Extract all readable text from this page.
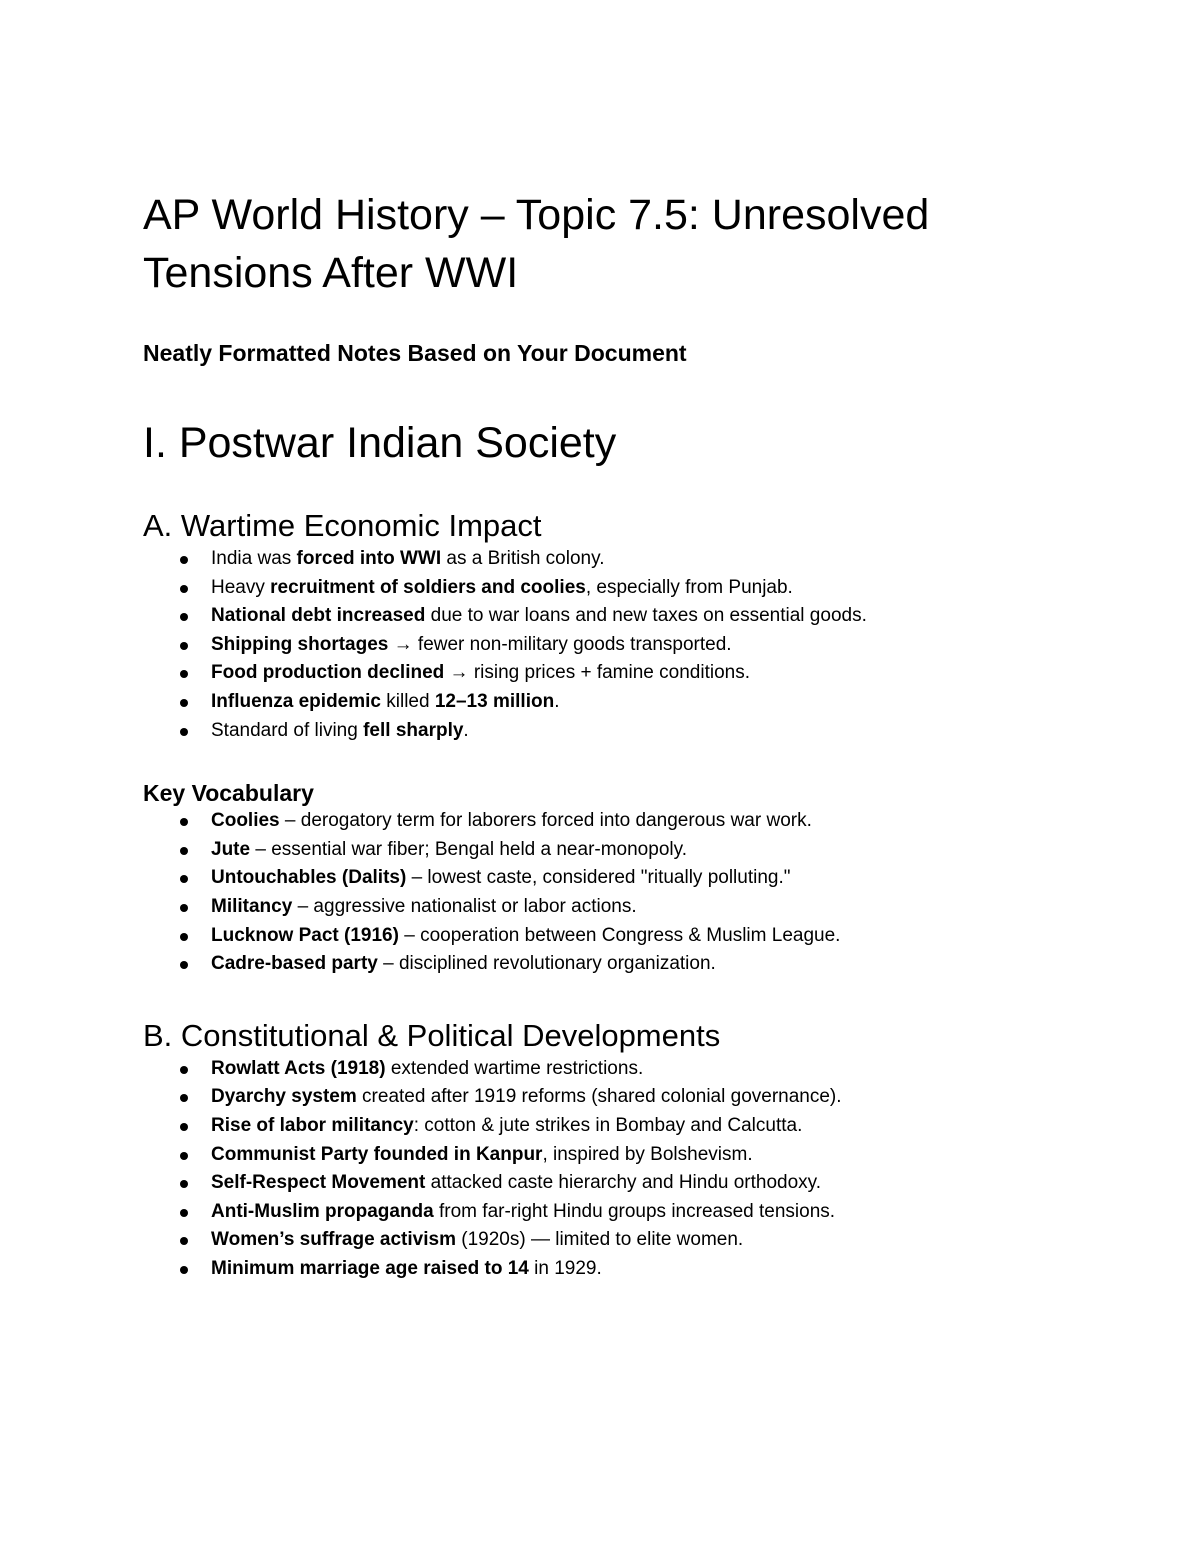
AP World History – Topic 7.5: Unresolved
Tensions After WWI
Neatly Formatted Notes Based on Your Document
I. Postwar Indian Society
A. Wartime Economic Impact
India was forced into WWI as a British colony.
Heavy recruitment of soldiers and coolies, especially from Punjab.
National debt increased due to war loans and new taxes on essential goods.
Shipping shortages → fewer non-military goods transported.
Food production declined → rising prices + famine conditions.
Influenza epidemic killed 12–13 million.
Standard of living fell sharply.
Key Vocabulary
Coolies – derogatory term for laborers forced into dangerous war work.
Jute – essential war fiber; Bengal held a near-monopoly.
Untouchables (Dalits) – lowest caste, considered "ritually polluting."
Militancy – aggressive nationalist or labor actions.
Lucknow Pact (1916) – cooperation between Congress & Muslim League.
Cadre-based party – disciplined revolutionary organization.
B. Constitutional & Political Developments
Rowlatt Acts (1918) extended wartime restrictions.
Dyarchy system created after 1919 reforms (shared colonial governance).
Rise of labor militancy: cotton & jute strikes in Bombay and Calcutta.
Communist Party founded in Kanpur, inspired by Bolshevism.
Self-Respect Movement attacked caste hierarchy and Hindu orthodoxy.
Anti-Muslim propaganda from far-right Hindu groups increased tensions.
Women’s suffrage activism (1920s) — limited to elite women.
Minimum marriage age raised to 14 in 1929.
